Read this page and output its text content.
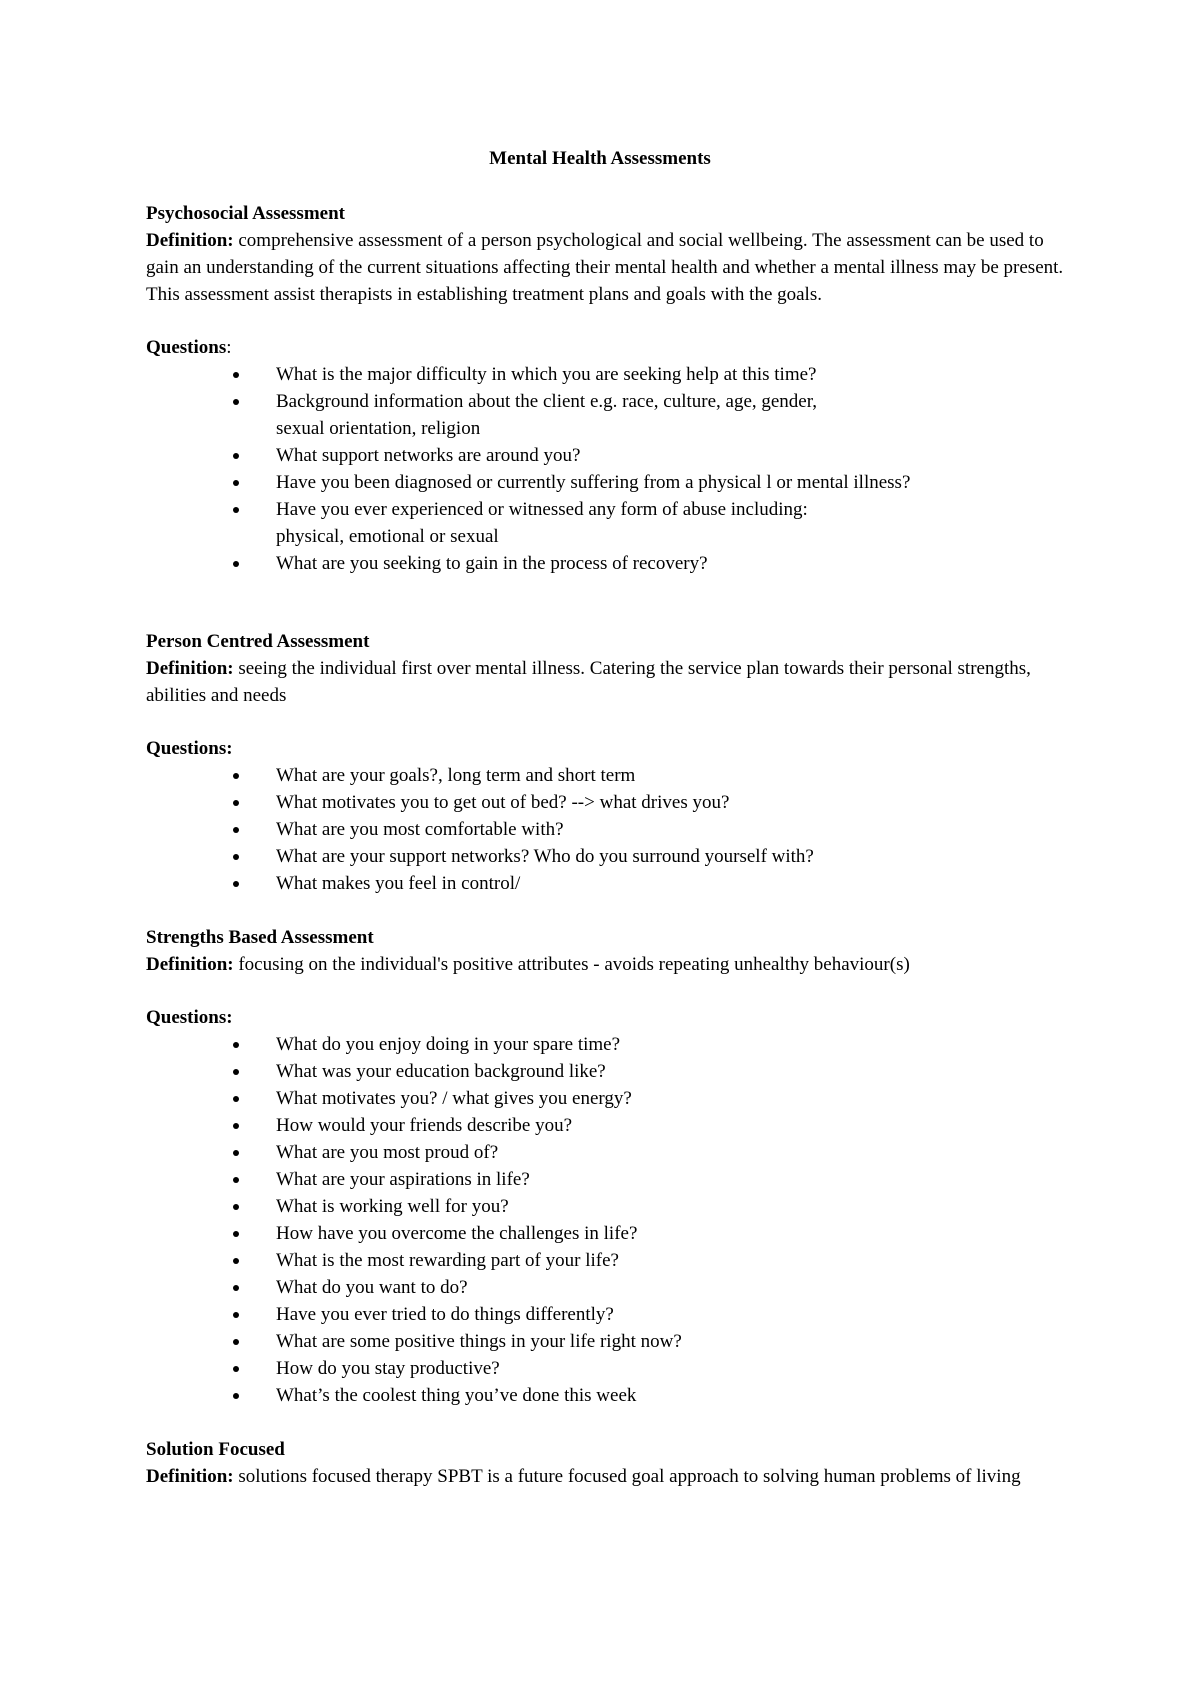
Mental Health Assessments

Psychosocial Assessment

Definition: comprehensive assessment of a person psychological and social wellbeing. The assessment can be used to gain an understanding of the current situations affecting their mental health and whether a mental illness may be present. This assessment assist therapists in establishing treatment plans and goals with the goals.

Questions:

What is the major difficulty in which you are seeking help at this time?
Background information about the client e.g. race, culture, age, gender, sexual orientation, religion
What support networks are around you?
Have you been diagnosed or currently suffering from a physical l or mental illness?
Have you ever experienced or witnessed any form of abuse including: physical, emotional or sexual
What are you seeking to gain in the process of recovery?

Person Centred Assessment

Definition: seeing the individual first over mental illness. Catering the service plan towards their personal strengths, abilities and needs

Questions:

What are your goals?, long term and short term
What motivates you to get out of bed? --> what drives you?
What are you most comfortable with?
What are your support networks? Who do you surround yourself with?
What makes you feel in control/

Strengths Based Assessment

Definition: focusing on the individual's positive attributes - avoids repeating unhealthy behaviour(s)

Questions:

What do you enjoy doing in your spare time?
What was your education background like?
What motivates you? / what gives you energy?
How would your friends describe you?
What are you most proud of?
What are your aspirations in life?
What is working well for you?
How have you overcome the challenges in life?
What is the most rewarding part of your life?
What do you want to do?
Have you ever tried to do things differently?
What are some positive things in your life right now?
How do you stay productive?
What’s the coolest thing you’ve done this week

Solution Focused

Definition: solutions focused therapy SPBT is a future focused goal approach to solving human problems of living
